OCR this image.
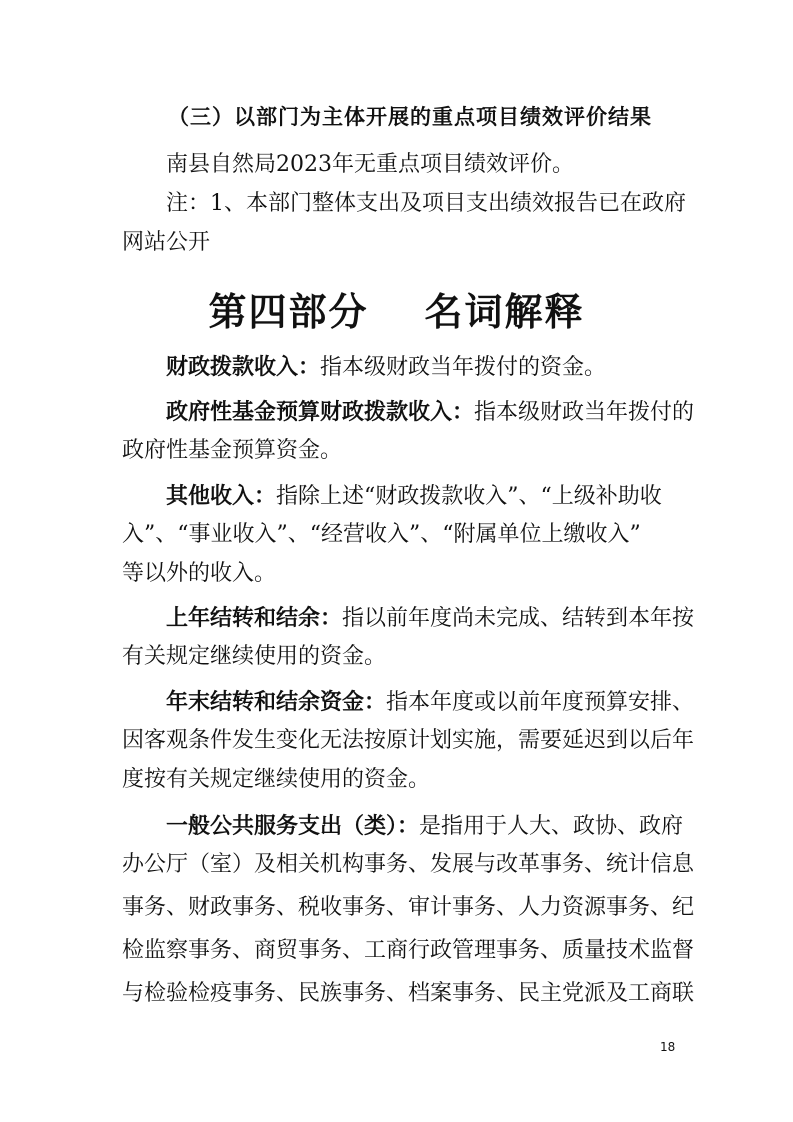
（三）以部门为主体开展的重点项目绩效评价结果
南县自然局2023年无重点项目绩效评价。
注：1、本部门整体支出及项目支出绩效报告已在政府
网站公开
第四部分 名词解释
财政拨款收入：指本级财政当年拨付的资金。
政府性基金预算财政拨款收入：指本级财政当年拨付的
政府性基金预算资金。
其他收入：指除上述“财政拨款收入”、“上级补助收
入”、“事业收入”、“经营收入”、“附属单位上缴收入”
等以外的收入。
上年结转和结余：指以前年度尚未完成、结转到本年按
有关规定继续使用的资金。
年末结转和结余资金：指本年度或以前年度预算安排、
因客观条件发生变化无法按原计划实施，需要延迟到以后年
度按有关规定继续使用的资金。
一般公共服务支出（类）：是指用于人大、政协、政府
办公厅（室）及相关机构事务、发展与改革事务、统计信息
事务、财政事务、税收事务、审计事务、人力资源事务、纪
检监察事务、商贸事务、工商行政管理事务、质量技术监督
与检验检疫事务、民族事务、档案事务、民主党派及工商联
18
